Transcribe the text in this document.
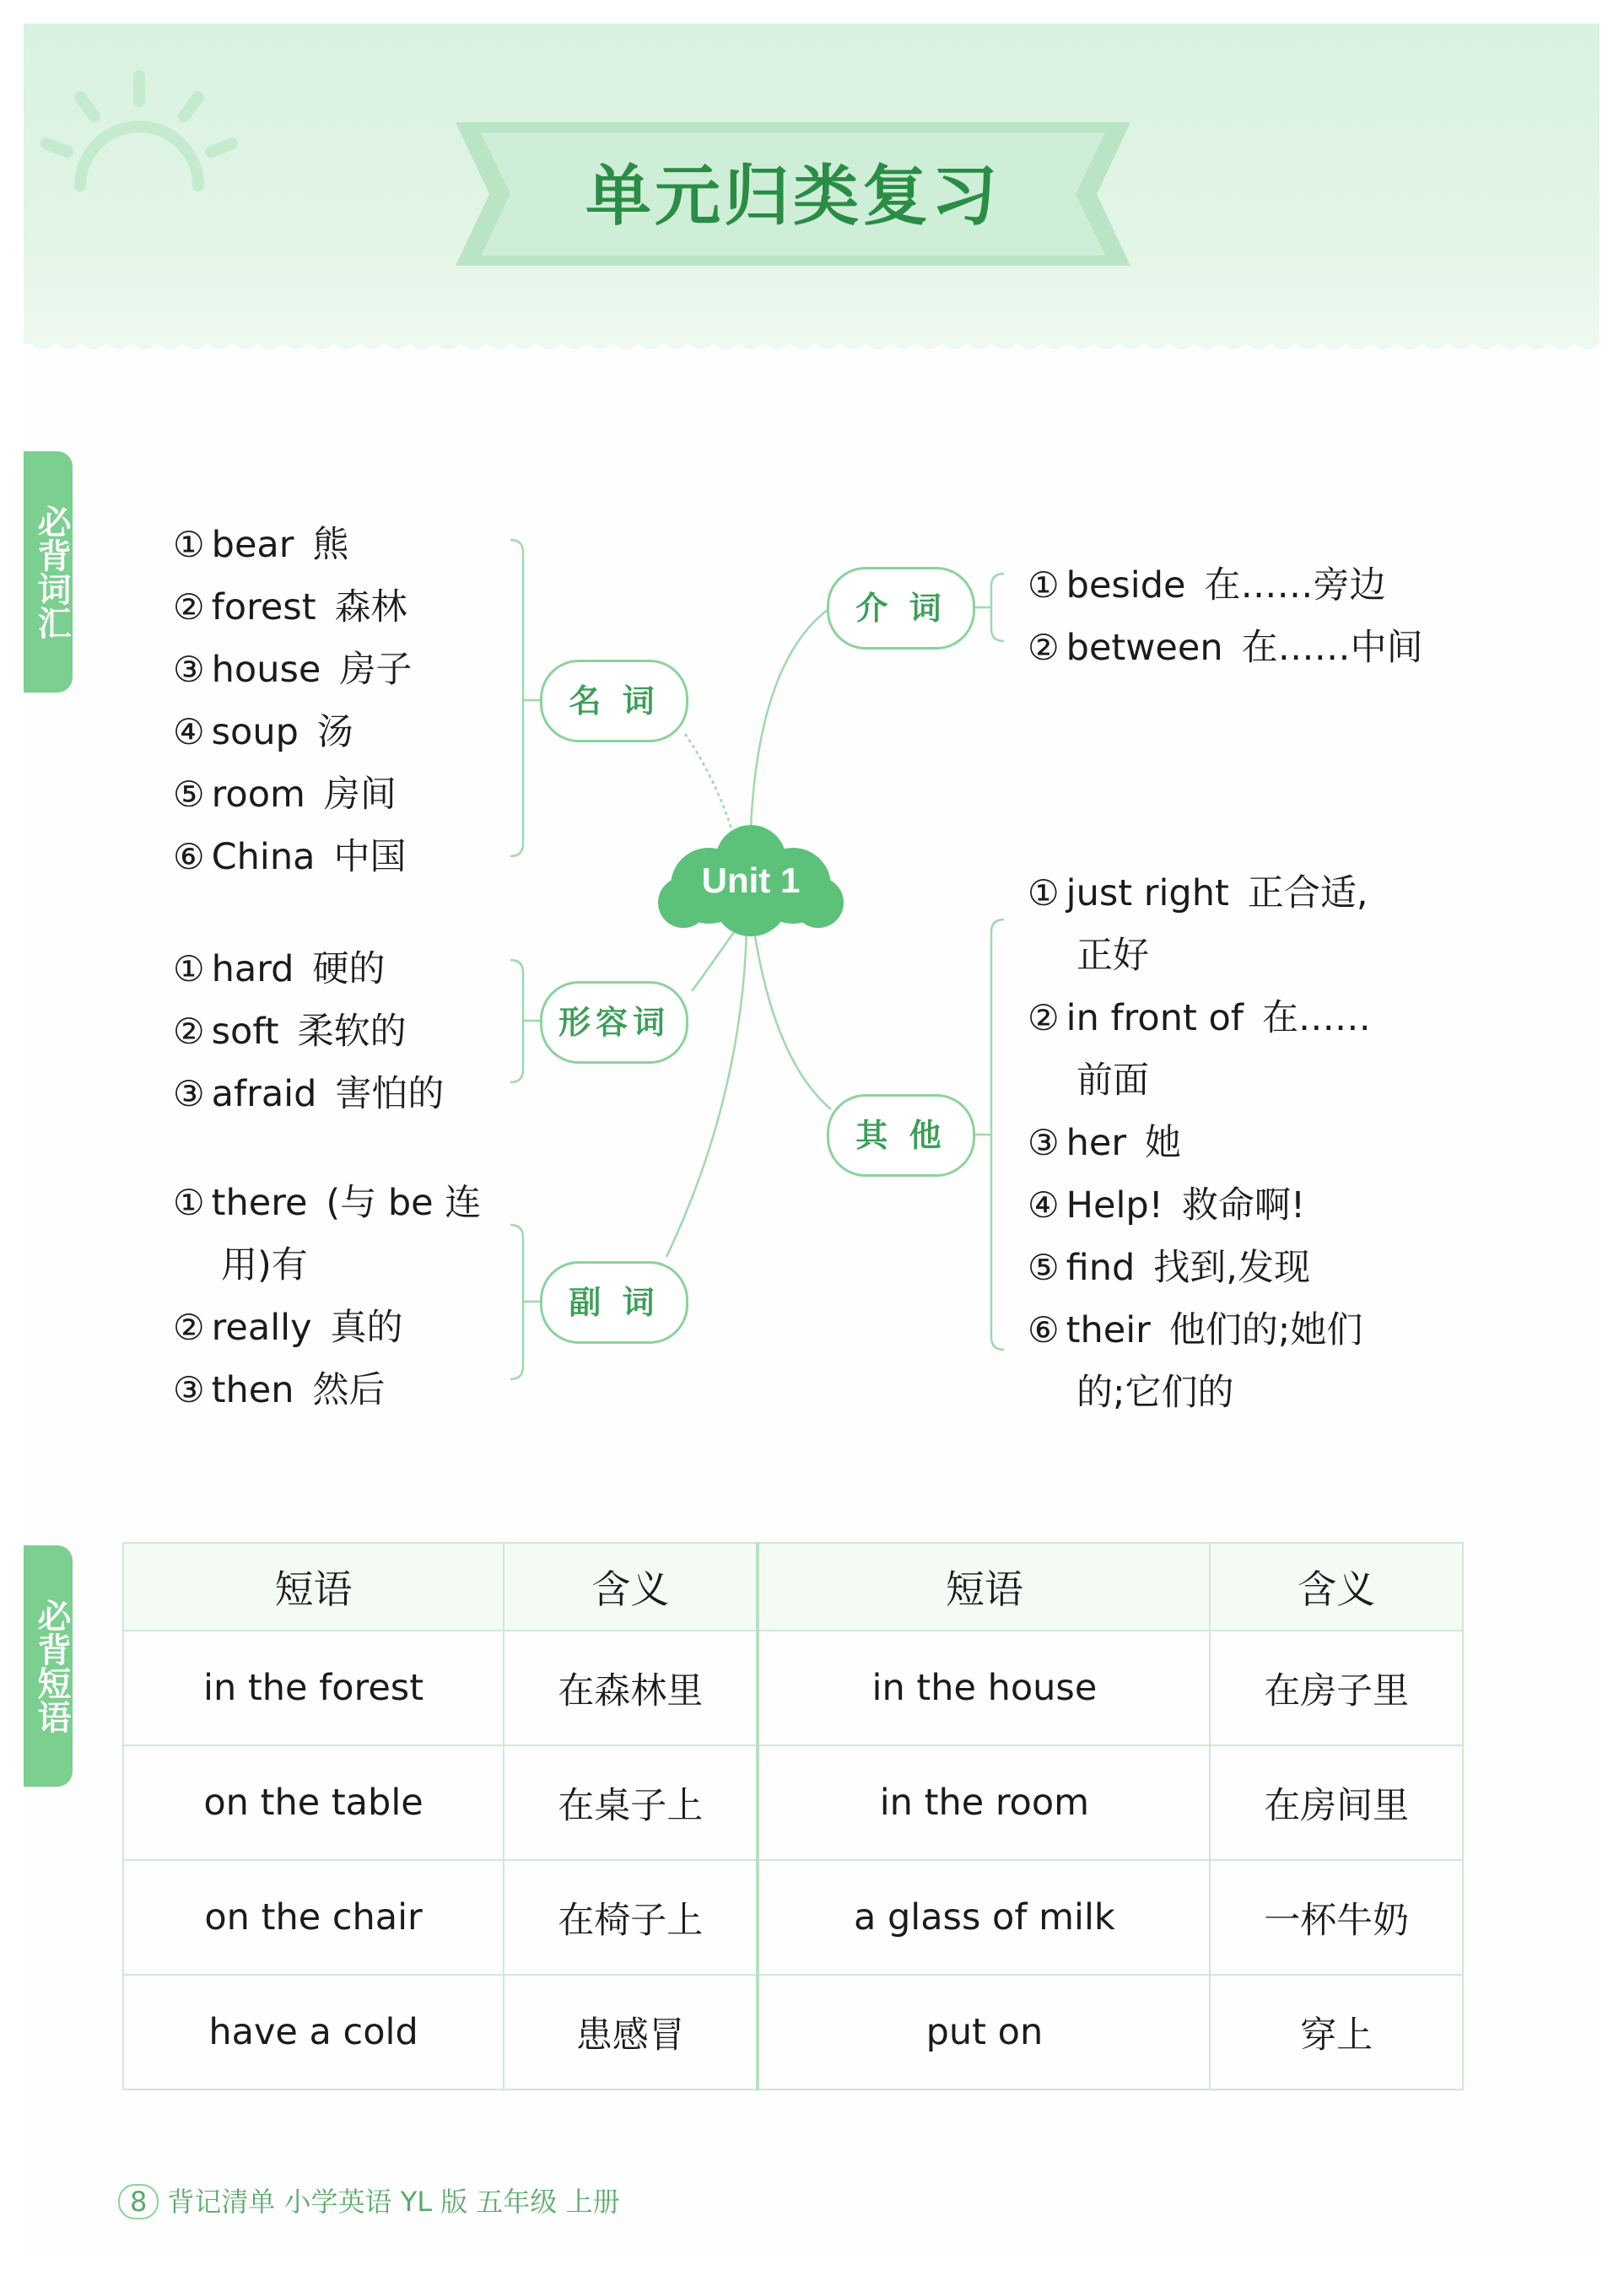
单元归类复习
必背词汇
必背短语
Unit 1
名 词
形容词
副 词
介 词
其 他
① bear 熊
② forest 森林
③ house 房子
④ soup 汤
⑤ room 房间
⑥ China 中国
① hard 硬的
② soft 柔软的
③ afraid 害怕的
① there (与 be 连
用)有
② really 真的
③ then 然后
① beside 在……旁边
② between 在……中间
① just right 正合适,
正好
② in front of 在……
前面
③ her 她
④ Help! 救命啊!
⑤ find 找到,发现
⑥ their 他们的;她们
的;它们的
短语	含义	短语	含义
in the forest	在森林里	in the house	在房子里
on the table	在桌子上	in the room	在房间里
on the chair	在椅子上	a glass of milk	一杯牛奶
have a cold	患感冒	put on	穿上
8 背记清单 小学英语 YL 版 五年级 上册
